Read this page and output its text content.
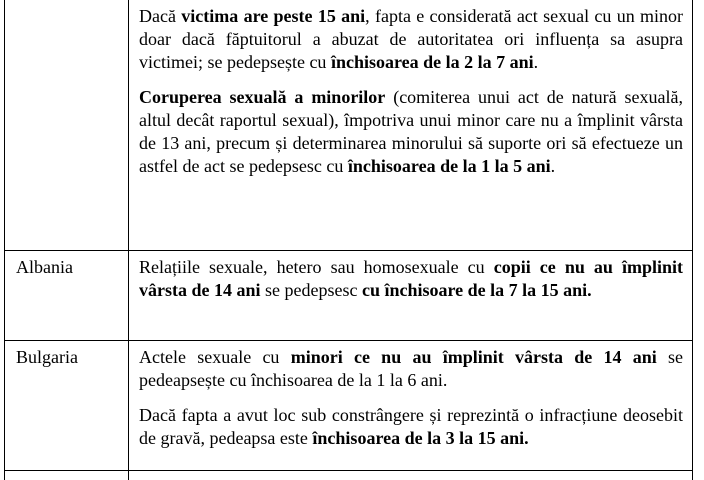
Dacă victima are peste 15 ani, fapta e considerată act sexual cu un minor doar dacă făptuitorul a abuzat de autoritatea ori influența sa asupra victimei; se pedepsește cu închisoarea de la 2 la 7 ani.

Coruperea sexuală a minorilor (comiterea unui act de natură sexuală, altul decât raportul sexual), împotriva unui minor care nu a împlinit vârsta de 13 ani, precum și determinarea minorului să suporte ori să efectueze un astfel de act se pedepsesc cu închisoarea de la 1 la 5 ani.

Albania	Relațiile sexuale, hetero sau homosexuale cu copii ce nu au împlinit vârsta de 14 ani se pedepsesc cu închisoare de la 7 la 15 ani.

Bulgaria	Actele sexuale cu minori ce nu au împlinit vârsta de 14 ani se pedeapsește cu închisoarea de la 1 la 6 ani.

Dacă fapta a avut loc sub constrângere și reprezintă o infracțiune deosebit de gravă, pedeapsa este închisoarea de la 3 la 15 ani.
